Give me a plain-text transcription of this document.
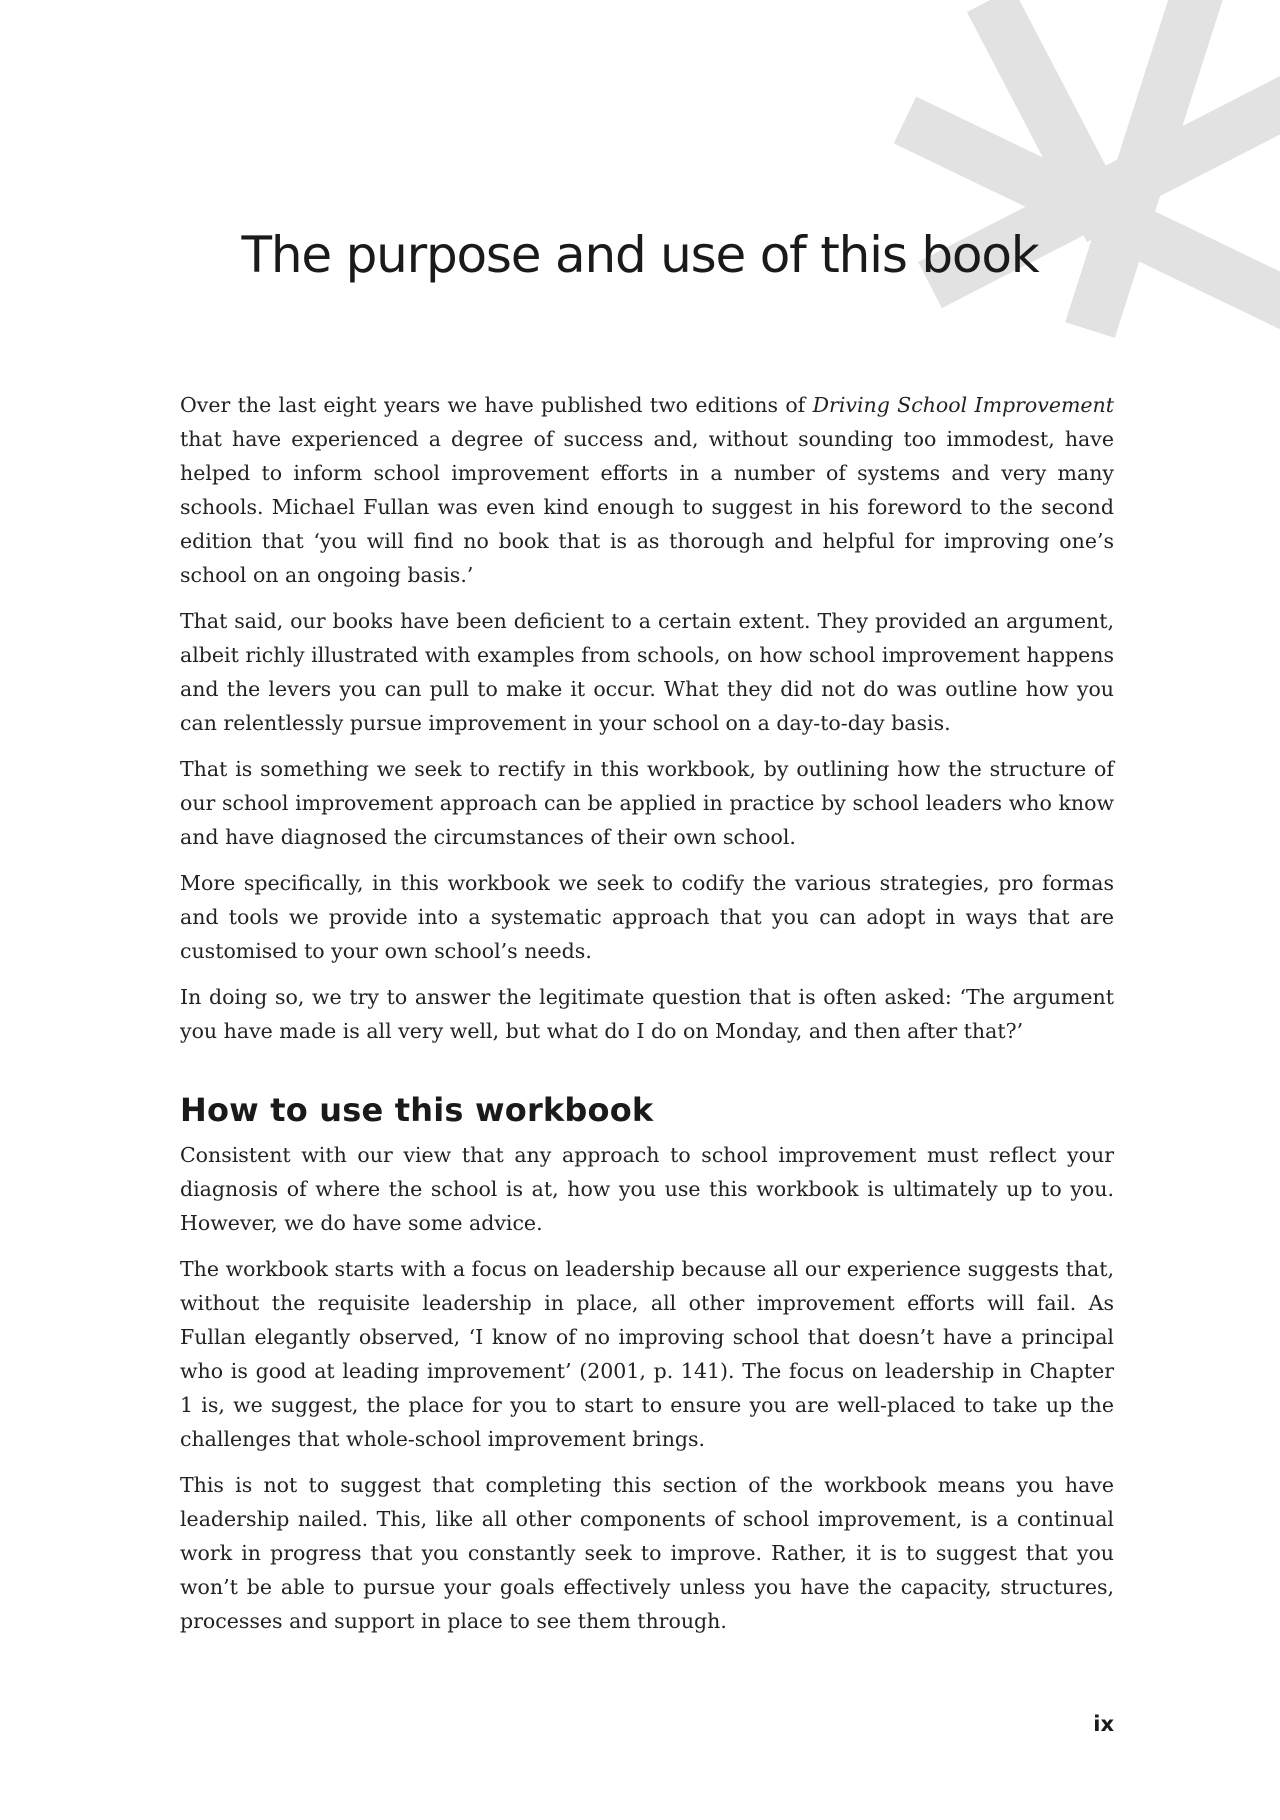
The purpose and use of this book

Over the last eight years we have published two editions of Driving School Improvement that have experienced a degree of success and, without sounding too immodest, have helped to inform school improvement efforts in a number of systems and very many schools. Michael Fullan was even kind enough to suggest in his foreword to the second edition that ‘you will find no book that is as thorough and helpful for improving one’s school on an ongoing basis.’

That said, our books have been deficient to a certain extent. They provided an argument, albeit richly illustrated with examples from schools, on how school improvement happens and the levers you can pull to make it occur. What they did not do was outline how you can relentlessly pursue improvement in your school on a day-to-day basis.

That is something we seek to rectify in this workbook, by outlining how the structure of our school improvement approach can be applied in practice by school leaders who know and have diagnosed the circumstances of their own school.

More specifically, in this workbook we seek to codify the various strategies, pro formas and tools we provide into a systematic approach that you can adopt in ways that are customised to your own school’s needs.

In doing so, we try to answer the legitimate question that is often asked: ‘The argument you have made is all very well, but what do I do on Monday, and then after that?’

How to use this workbook

Consistent with our view that any approach to school improvement must reflect your diagnosis of where the school is at, how you use this workbook is ultimately up to you. However, we do have some advice.

The workbook starts with a focus on leadership because all our experience suggests that, without the requisite leadership in place, all other improvement efforts will fail. As Fullan elegantly observed, ‘I know of no improving school that doesn’t have a principal who is good at leading improvement’ (2001, p. 141). The focus on leadership in Chapter 1 is, we suggest, the place for you to start to ensure you are well-placed to take up the challenges that whole-school improvement brings.

This is not to suggest that completing this section of the workbook means you have leadership nailed. This, like all other components of school improvement, is a continual work in progress that you constantly seek to improve. Rather, it is to suggest that you won’t be able to pursue your goals effectively unless you have the capacity, structures, processes and support in place to see them through.

ix
